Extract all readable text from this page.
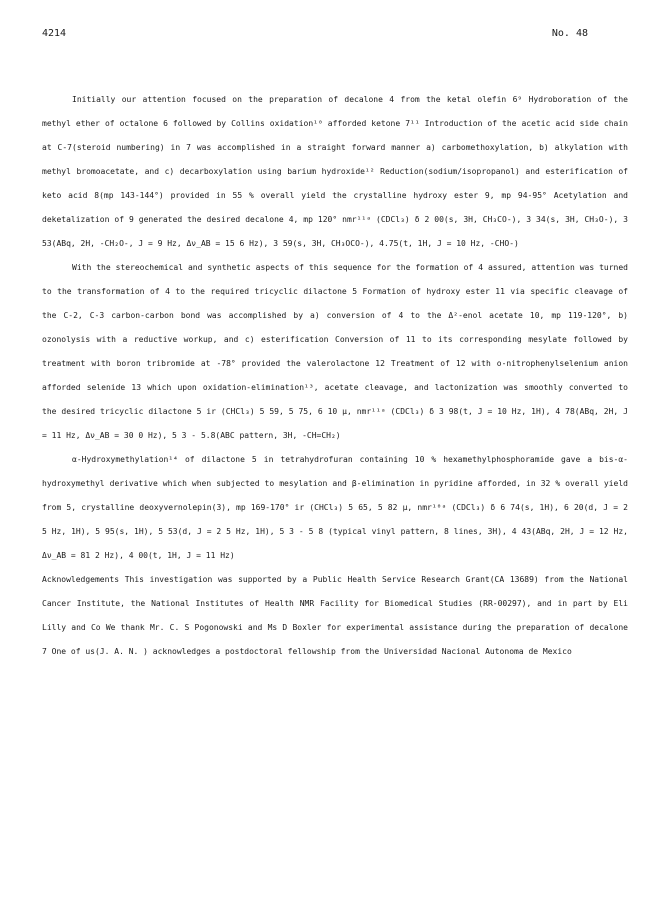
4214	No. 48

Initially our attention focused on the preparation of decalone 4 from the ketal olefin 6⁹ Hydroboration of the methyl ether of octalone 6 followed by Collins oxidation¹⁰ afforded ketone 7¹¹ Introduction of the acetic acid side chain at C-7(steroid numbering) in 7 was accomplished in a straight forward manner a) carbomethoxylation, b) alkylation with methyl bromoacetate, and c) decarboxylation using barium hydroxide¹² Reduction(sodium/isopropanol) and esterification of keto acid 8(mp 143-144°) provided in 55 % overall yield the crystalline hydroxy ester 9, mp 94-95° Acetylation and deketalization of 9 generated the desired decalone 4, mp 120° nmr¹¹ᵃ (CDCl₃) δ 2 00(s, 3H, CH₃CO-), 3 34(s, 3H, CH₃O-), 3 53(ABq, 2H, -CH₂O-, J = 9 Hz, Δν_AB = 15 6 Hz), 3 59(s, 3H, CH₃OCO-), 4.75(t, 1H, J = 10 Hz, -CHO-)

With the stereochemical and synthetic aspects of this sequence for the formation of 4 assured, attention was turned to the transformation of 4 to the required tricyclic dilactone 5 Formation of hydroxy ester 11 via specific cleavage of the C-2, C-3 carbon-carbon bond was accomplished by a) conversion of 4 to the Δ²-enol acetate 10, mp 119-120°, b) ozonolysis with a reductive workup, and c) esterification Conversion of 11 to its corresponding mesylate followed by treatment with boron tribromide at -78° provided the valerolactone 12 Treatment of 12 with o-nitrophenylselenium anion afforded selenide 13 which upon oxidation-elimination¹³, acetate cleavage, and lactonization was smoothly converted to the desired tricyclic dilactone 5 ir (CHCl₃) 5 59, 5 75, 6 10 μ, nmr¹¹ᵃ (CDCl₃) δ 3 98(t, J = 10 Hz, 1H), 4 78(ABq, 2H, J = 11 Hz, Δν_AB = 30 0 Hz), 5 3 - 5.8(ABC pattern, 3H, -CH=CH₂)

α-Hydroxymethylation¹⁴ of dilactone 5 in tetrahydrofuran containing 10 % hexamethylphosphoramide gave a bis-α-hydroxymethyl derivative which when subjected to mesylation and β-elimination in pyridine afforded, in 32 % overall yield from 5, crystalline deoxyvernolepin(3), mp 169-170° ir (CHCl₃) 5 65, 5 82 μ, nmr¹⁰ᵃ (CDCl₃) δ 6 74(s, 1H), 6 20(d, J = 2 5 Hz, 1H), 5 95(s, 1H), 5 53(d, J = 2 5 Hz, 1H), 5 3 - 5 8 (typical vinyl pattern, 8 lines, 3H), 4 43(ABq, 2H, J = 12 Hz, Δν_AB = 81 2 Hz), 4 00(t, 1H, J = 11 Hz)

Acknowledgements This investigation was supported by a Public Health Service Research Grant(CA 13689) from the National Cancer Institute, the National Institutes of Health NMR Facility for Biomedical Studies (RR-00297), and in part by Eli Lilly and Co We thank Mr. C. S Pogonowski and Ms D Boxler for experimental assistance during the preparation of decalone 7 One of us(J. A. N. ) acknowledges a postdoctoral fellowship from the Universidad Nacional Autonoma de Mexico
